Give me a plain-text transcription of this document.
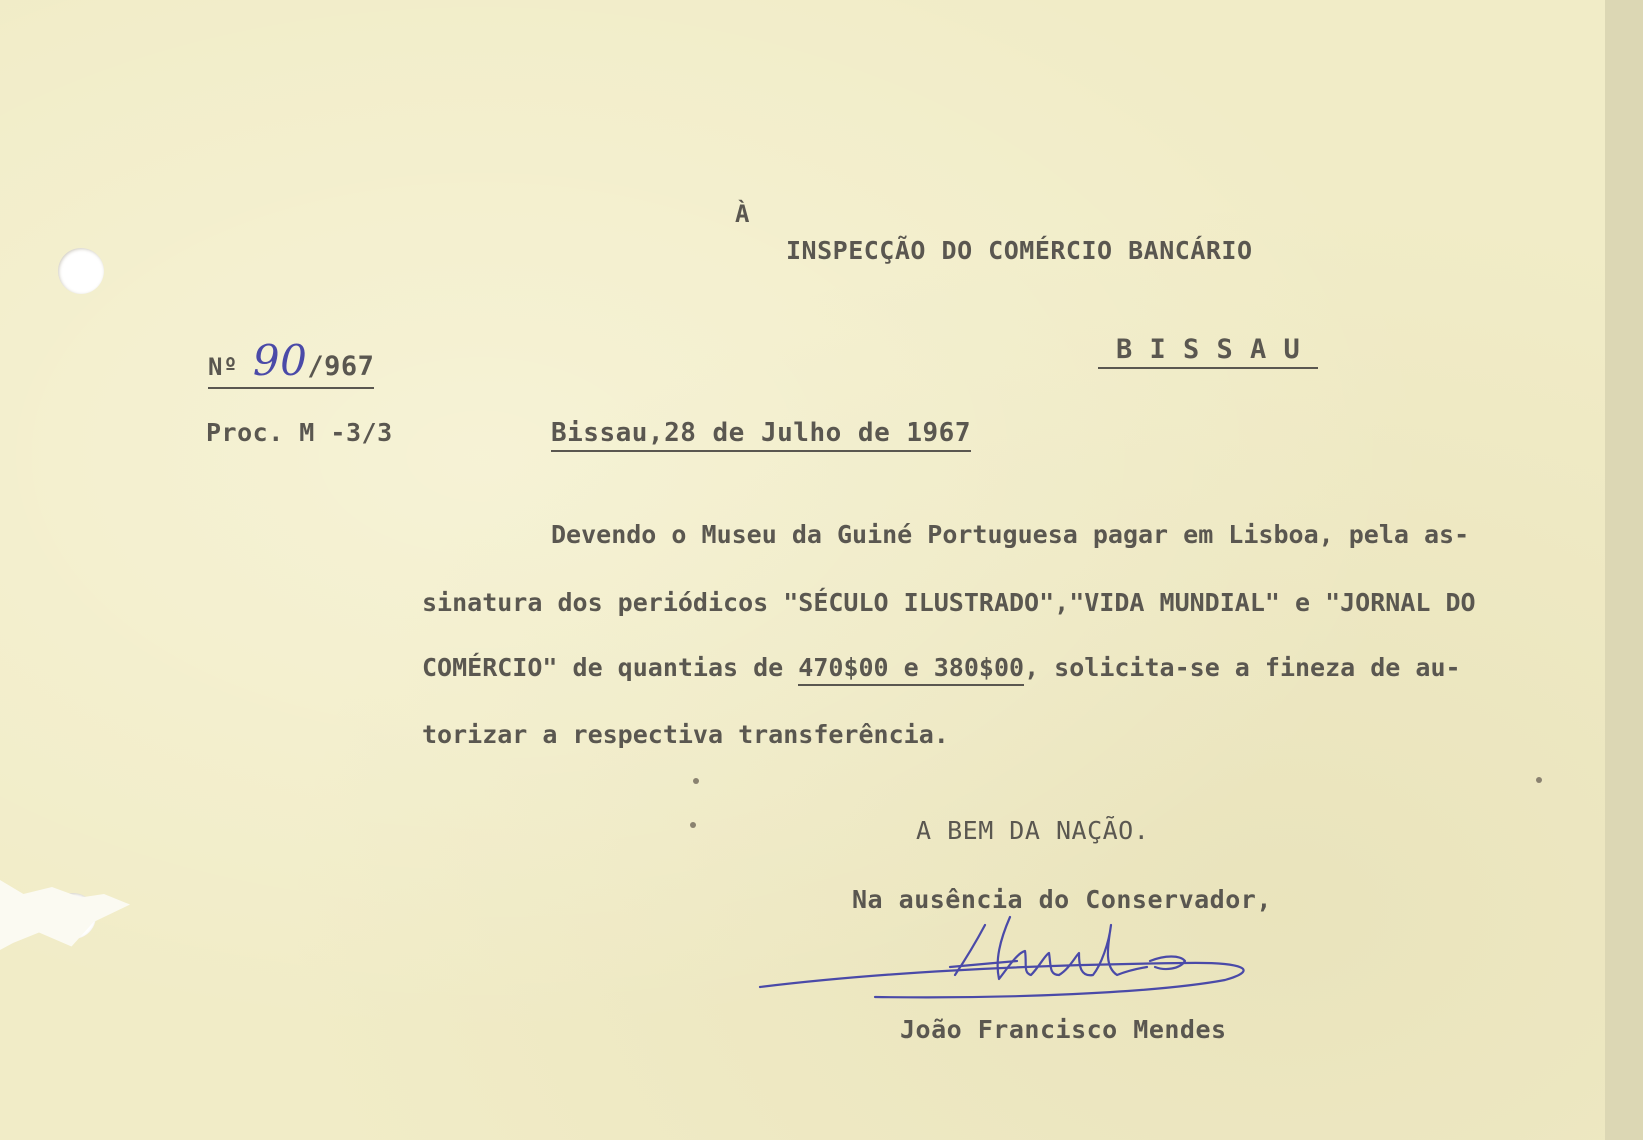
À
INSPECÇÃO DO COMÉRCIO BANCÁRIO
B I S S A U
Nº 90/967
Proc. M -3/3	Bissau,28 de Julho de 1967
Devendo o Museu da Guiné Portuguesa pagar em Lisboa, pela as-
sinatura dos periódicos "SÉCULO ILUSTRADO","VIDA MUNDIAL" e "JORNAL DO
COMÉRCIO" de quantias de 470$00 e 380$00, solicita-se a fineza de au-
torizar a respectiva transferência.
A BEM DA NAÇÃO.
Na ausência do Conservador,
João Francisco Mendes
